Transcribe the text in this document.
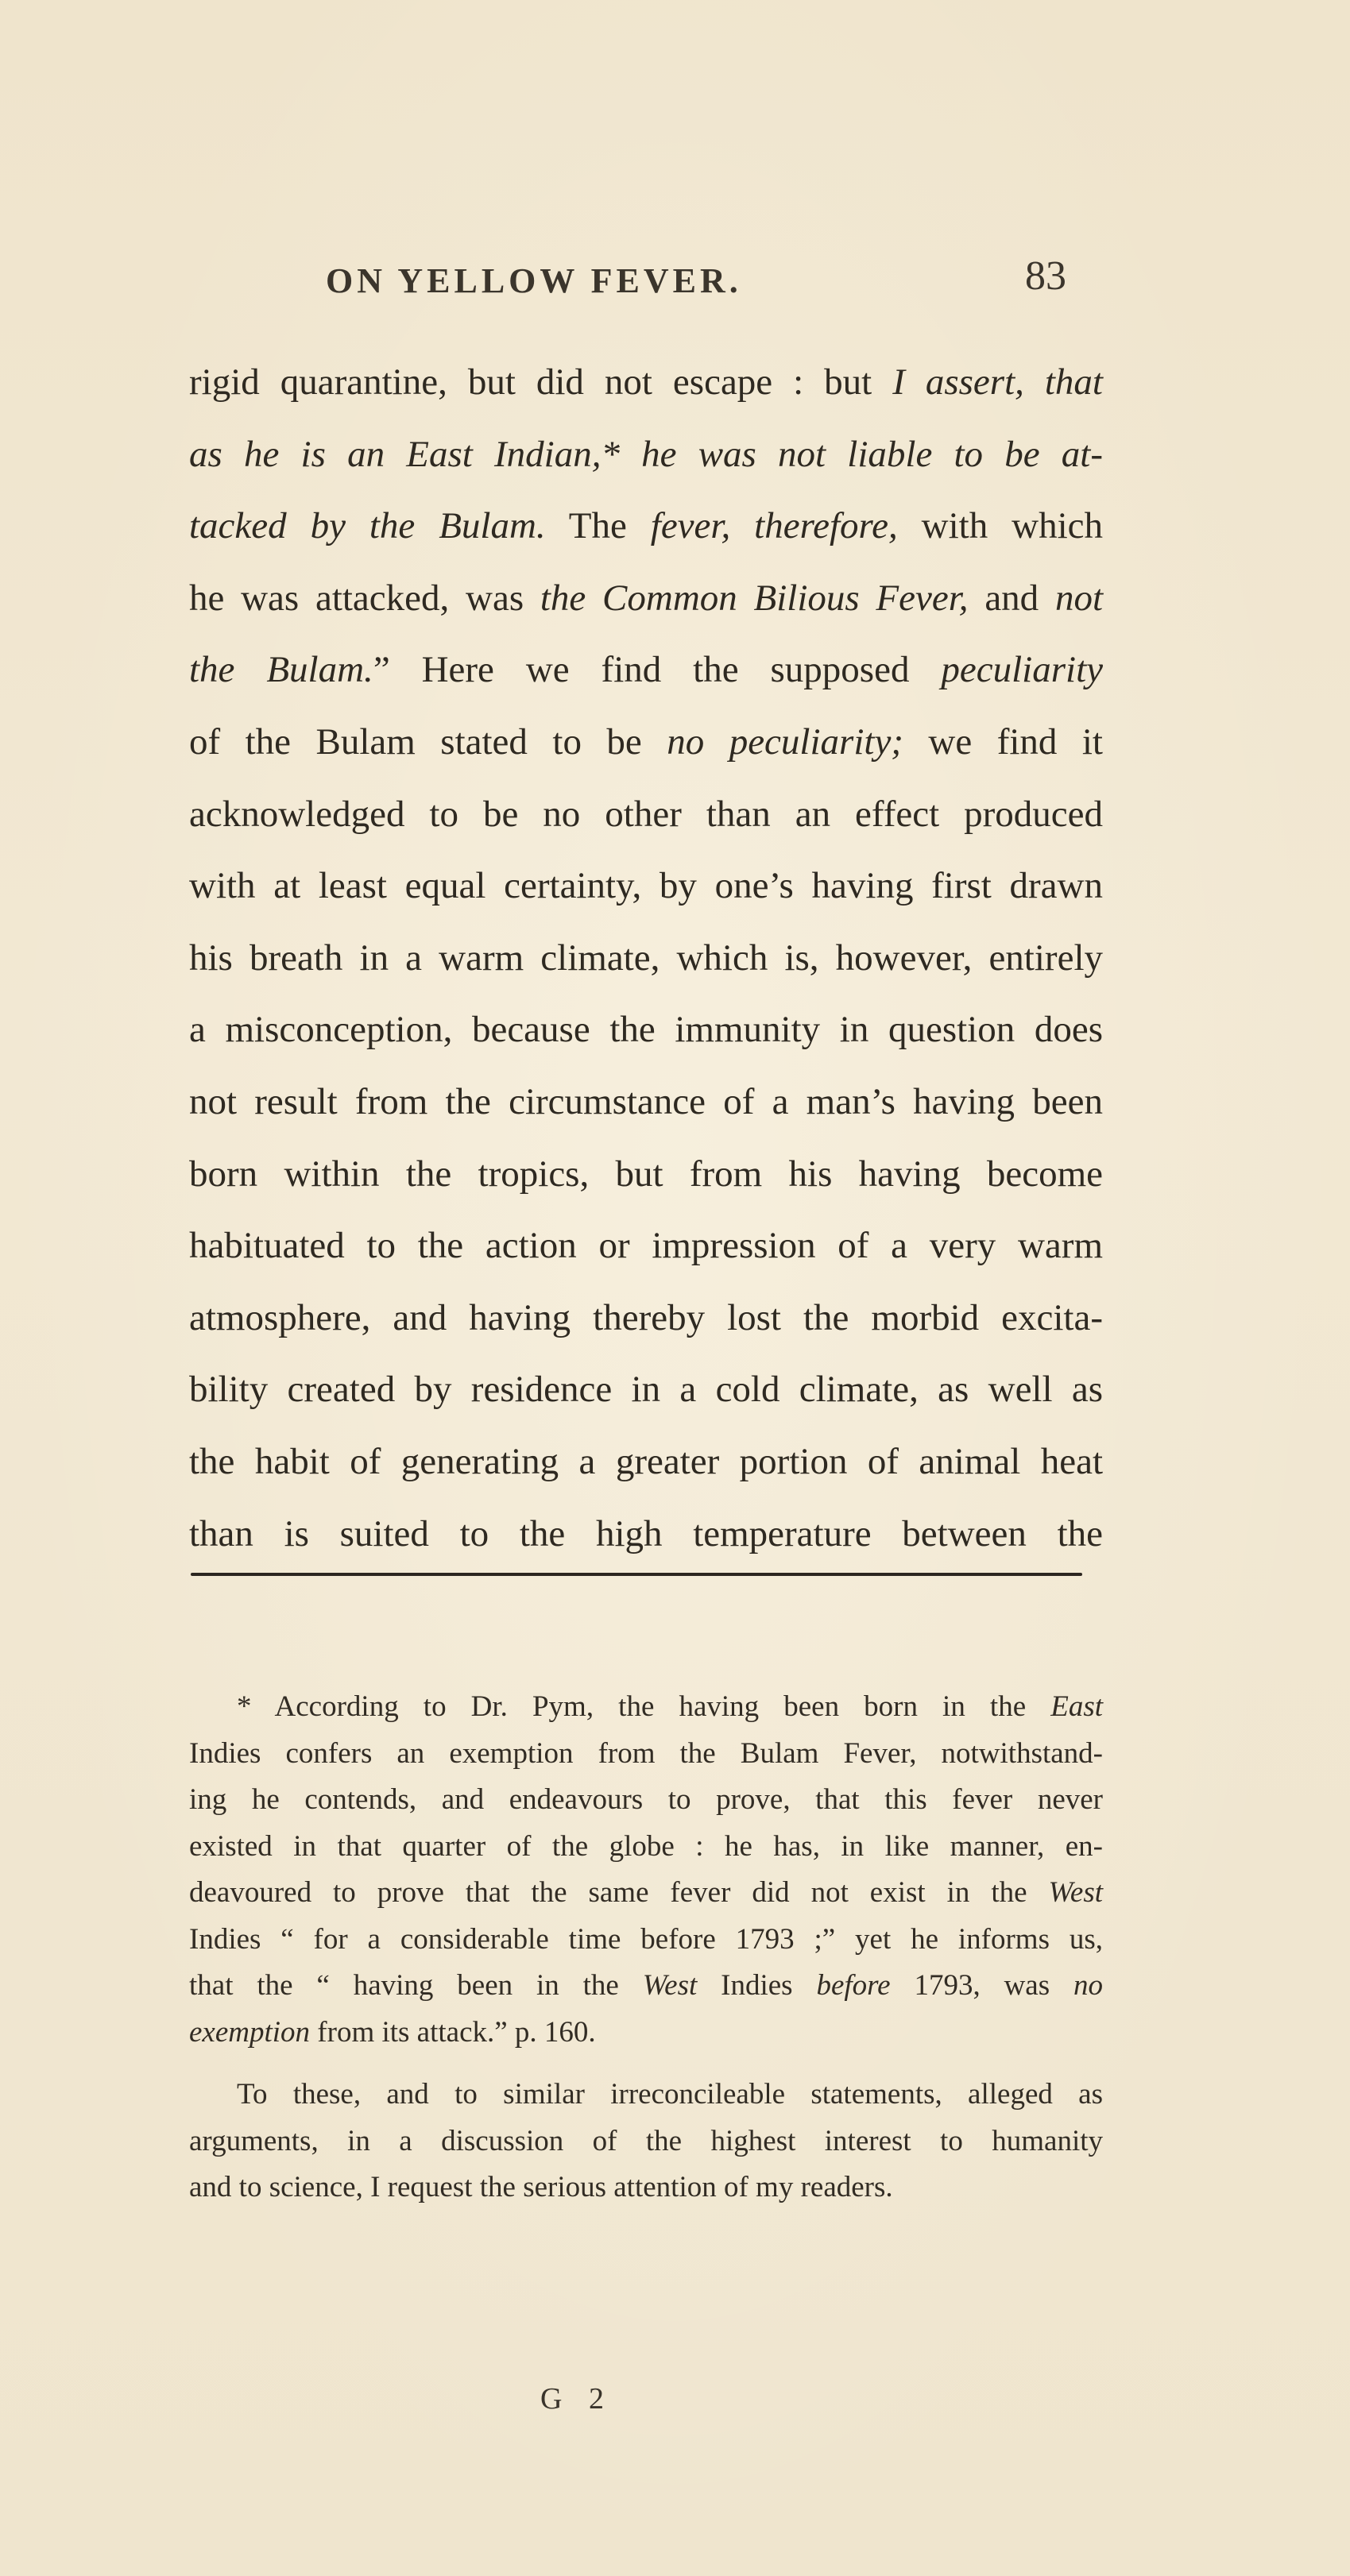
ON YELLOW FEVER.	83
rigid quarantine, but did not escape : but I assert, that
as he is an East Indian,* he was not liable to be at-
tacked by the Bulam. The fever, therefore, with which
he was attacked, was the Common Bilious Fever, and not
the Bulam.” Here we find the supposed peculiarity
of the Bulam stated to be no peculiarity; we find it
acknowledged to be no other than an effect produced
with at least equal certainty, by one’s having first drawn
his breath in a warm climate, which is, however, entirely
a misconception, because the immunity in question does
not result from the circumstance of a man’s having been
born within the tropics, but from his having become
habituated to the action or impression of a very warm
atmosphere, and having thereby lost the morbid excita-
bility created by residence in a cold climate, as well as
the habit of generating a greater portion of animal heat
than is suited to the high temperature between the
* According to Dr. Pym, the having been born in the East
Indies confers an exemption from the Bulam Fever, notwithstand-
ing he contends, and endeavours to prove, that this fever never
existed in that quarter of the globe : he has, in like manner, en-
deavoured to prove that the same fever did not exist in the West
Indies “ for a considerable time before 1793 ;” yet he informs us,
that the “ having been in the West Indies before 1793, was no
exemption from its attack.” p. 160.
To these, and to similar irreconcileable statements, alleged as
arguments, in a discussion of the highest interest to humanity
and to science, I request the serious attention of my readers.
G 2
